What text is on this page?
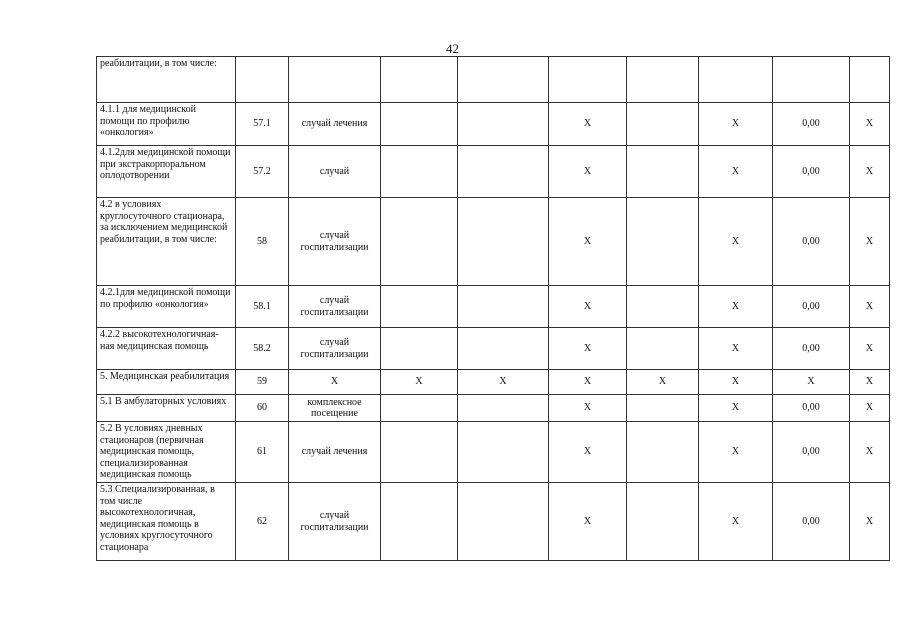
42
реабилитации, в том числе:									

4.1.1 для медицинской помощи по профилю «онкология»	57.1	случай лечения			X		X	0,00	X

4.1.2для медицинской помощи при экстракорпоральном оплодотворении	57.2	случай			X		X	0,00	X

4.2 в условиях круглосуточного стационара, за исключением медицинской реабилитации, в том числе:	58	случай госпитализации			X		X	0,00	X

4.2.1для медицинской помощи по профилю «онкология»	58.1	случай госпитализации			X		X	0,00	X

4.2.2 высокотехнологичная-ная медицинская помощь	58.2	случай госпитализации			X		X	0,00	X

5. Медицинская реабилитация	59	X	X	X	X	X	X	X	X

5.1 В амбулаторных условиях	60	комплексное посещение			X		X	0,00	X

5.2 В условиях дневных стационаров (первичная медицинская помощь, специализированная медицинская помощь	61	случай лечения			X		X	0,00	X

5.3 Специализированная, в том числе высокотехнологичная, медицинская помощь в условиях круглосуточного стационара	62	случай госпитализации			X		X	0,00	X
